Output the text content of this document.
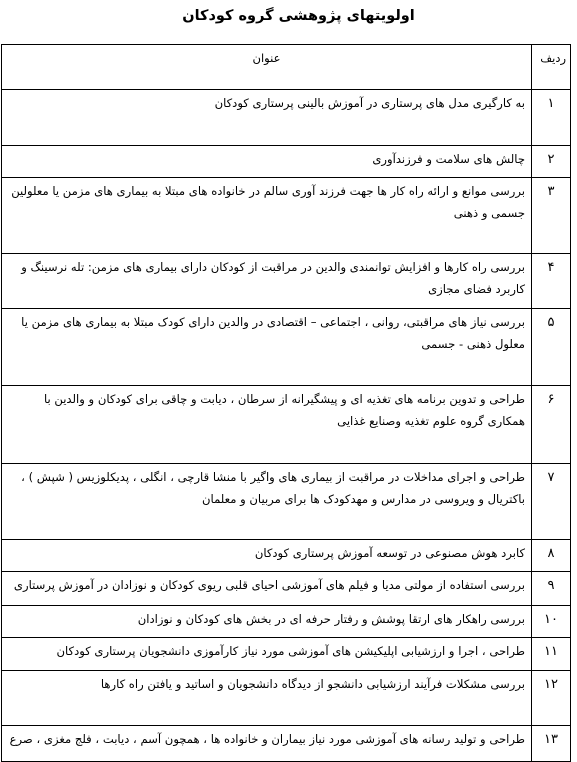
اولویتهای پژوهشی گروه کودکان
ردیف	عنوان

۱	به کارگیری مدل های پرستاری در آموزش بالینی پرستاری کودکان

۲	چالش های سلامت و فرزندآوری

۳	بررسی موانع و ارائه راه کار ها جهت فرزند آوری سالم در خانواده های مبتلا به بیماری های مزمن یا معلولین جسمی و ذهنی

۴	بررسی راه کارها و افزایش توانمندی والدین در مراقبت از کودکان دارای بیماری های مزمن: تله نرسینگ و کاربرد فضای مجازی

۵	بررسی نیاز های مراقبتی، روانی ، اجتماعی – اقتصادی در والدین دارای کودک مبتلا به بیماری های مزمن یا معلول ذهنی - جسمی

۶	طراحی و تدوین برنامه های تغذیه ای و پیشگیرانه از سرطان ، دیابت و چاقی برای کودکان و والدین با همکاری گروه علوم تغذیه وصنایع غذایی

۷	طراحی و اجرای مداخلات در مراقبت از بیماری های واگیر با منشا قارچی ، انگلی ، پدیکلوزیس ( شپش ) ، باکتریال و ویروسی در مدارس و مهدکودک ها برای مربیان و معلمان

۸	کابرد هوش مصنوعی در توسعه آموزش پرستاری کودکان

۹	بررسی استفاده از مولتی مدیا و فیلم های آموزشی احیای قلبی ریوی کودکان و نوزادان در آموزش پرستاری

۱۰	بررسی راهکار های ارتقا پوشش و رفتار حرفه ای در بخش های کودکان و نوزادان

۱۱	طراحی ، اجرا و ارزشیابی اپلیکیشن های آموزشی مورد نیاز کارآموزی دانشجویان پرستاری کودکان

۱۲	بررسی مشکلات فرآیند ارزشیابی دانشجو از دیدگاه دانشجویان و اساتید و یافتن راه کارها

۱۳	طراحی و تولید رسانه های آموزشی مورد نیاز بیماران و خانواده ها ، همچون آسم ، دیابت ، فلج مغزی ، صرع
